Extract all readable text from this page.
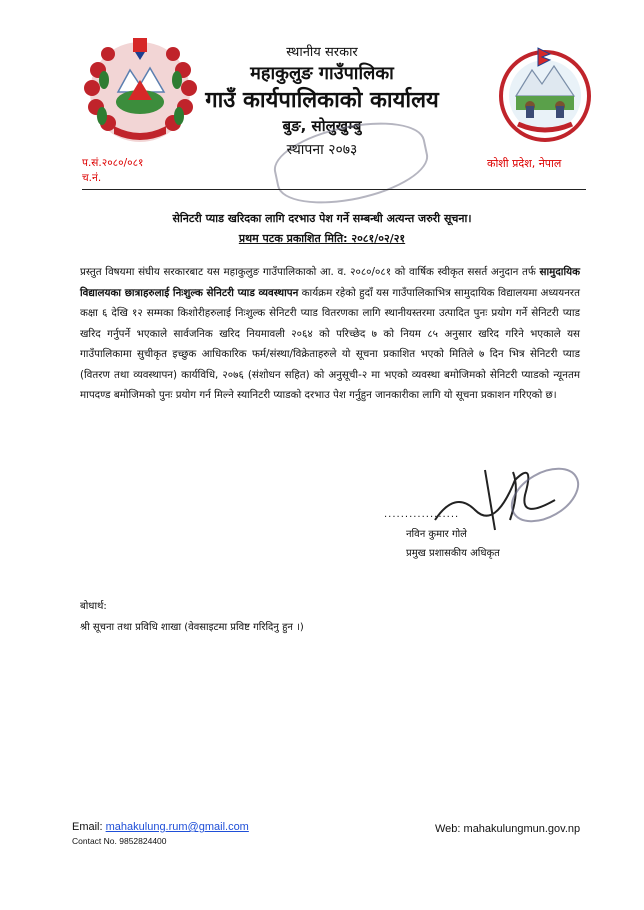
स्थानीय सरकार
महाकुलुङ गाउँपालिका
गाउँ कार्यपालिकाको कार्यालय
बुङ, सोलुखुम्बु
स्थापना २०७३
प.सं.२०८०/०८१
च.नं.
कोशी प्रदेश, नेपाल
सेनिटरी प्याड खरिदका लागि दरभाउ पेश गर्ने सम्बन्धी अत्यन्त जरुरी सूचना।
प्रथम पटक प्रकाशित मिति: २०८१/०२/२१
प्रस्तुत विषयमा संघीय सरकारबाट यस महाकुलुङ गाउँपालिकाको आ. व. २०८०/०८१ को वार्षिक स्वीकृत ससर्त अनुदान तर्फ सामुदायिक विद्यालयका छात्राहरुलाई निःशुल्क सेनिटरी प्याड व्यवस्थापन कार्यक्रम रहेको हुदाँ यस गाउँपालिकाभित्र सामुदायिक विद्यालयमा अध्ययनरत कक्षा ६ देखि १२ सम्मका किशोरीहरुलाई निःशुल्क सेनिटरी प्याड वितरणका लागि स्थानीयस्तरमा उत्पादित पुनः प्रयोग गर्ने सेनिटरी प्याड खरिद गर्नुपर्ने भएकाले सार्वजनिक खरिद नियमावली २०६४ को परिच्छेद ७ को नियम ८५ अनुसार खरिद गरिने भएकाले यस गाउँपालिकामा सुचीकृत इच्छुक आधिकारिक फर्म/संस्था/विक्रेताहरुले यो सूचना प्रकाशित भएको मितिले ७ दिन भित्र सेनिटरी प्याड (वितरण तथा व्यवस्थापन) कार्यविधि, २०७६ (संशोधन सहित) को अनुसूची-२ मा भएको व्यवस्था बमोजिमको सेनिटरी प्याडको न्यूनतम मापदण्ड बमोजिमको पुनः प्रयोग गर्न मिल्ने स्यानिटरी प्याडको दरभाउ पेश गर्नुहुन जानकारीका लागि यो सूचना प्रकाशन गरिएको छ।
..................
नविन कुमार गोले
प्रमुख प्रशासकीय अधिकृत
बोधार्थ:
श्री सूचना तथा प्रविधि शाखा (वेवसाइटमा प्रविष्ट गरिदिनु हुन ।)
Email: mahakulung.rum@gmail.com
Contact No. 9852824400
Web: mahakulungmun.gov.np
